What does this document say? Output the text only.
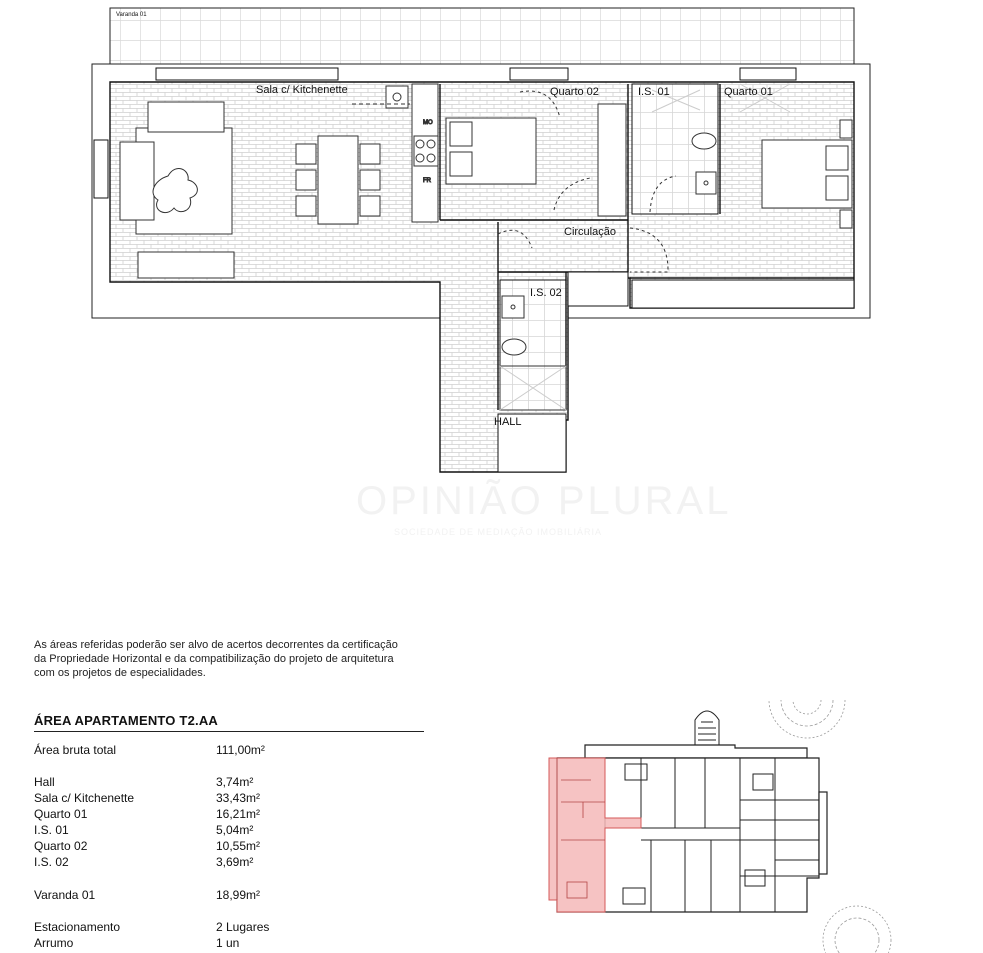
Varanda 01
MO
FR
Sala c/ Kitchenette	Quarto 02	I.S. 01	Quarto 01
Circulação
I.S. 02
HALL
OPINIÃO PLURAL
SOCIEDADE DE MEDIAÇÃO IMOBILIÁRIA
As áreas referidas poderão ser alvo de acertos decorrentes da certificação
da Propriedade Horizontal e da compatibilização do projeto de arquitetura
com os projetos de especialidades.
ÁREA APARTAMENTO T2.AA
Área bruta total	111,00m²
Hall	3,74m²
Sala c/ Kitchenette	33,43m²
Quarto 01	16,21m²
I.S. 01	5,04m²
Quarto 02	10,55m²
I.S. 02	3,69m²
Varanda 01	18,99m²
Estacionamento	2 Lugares
Arrumo	1 un
